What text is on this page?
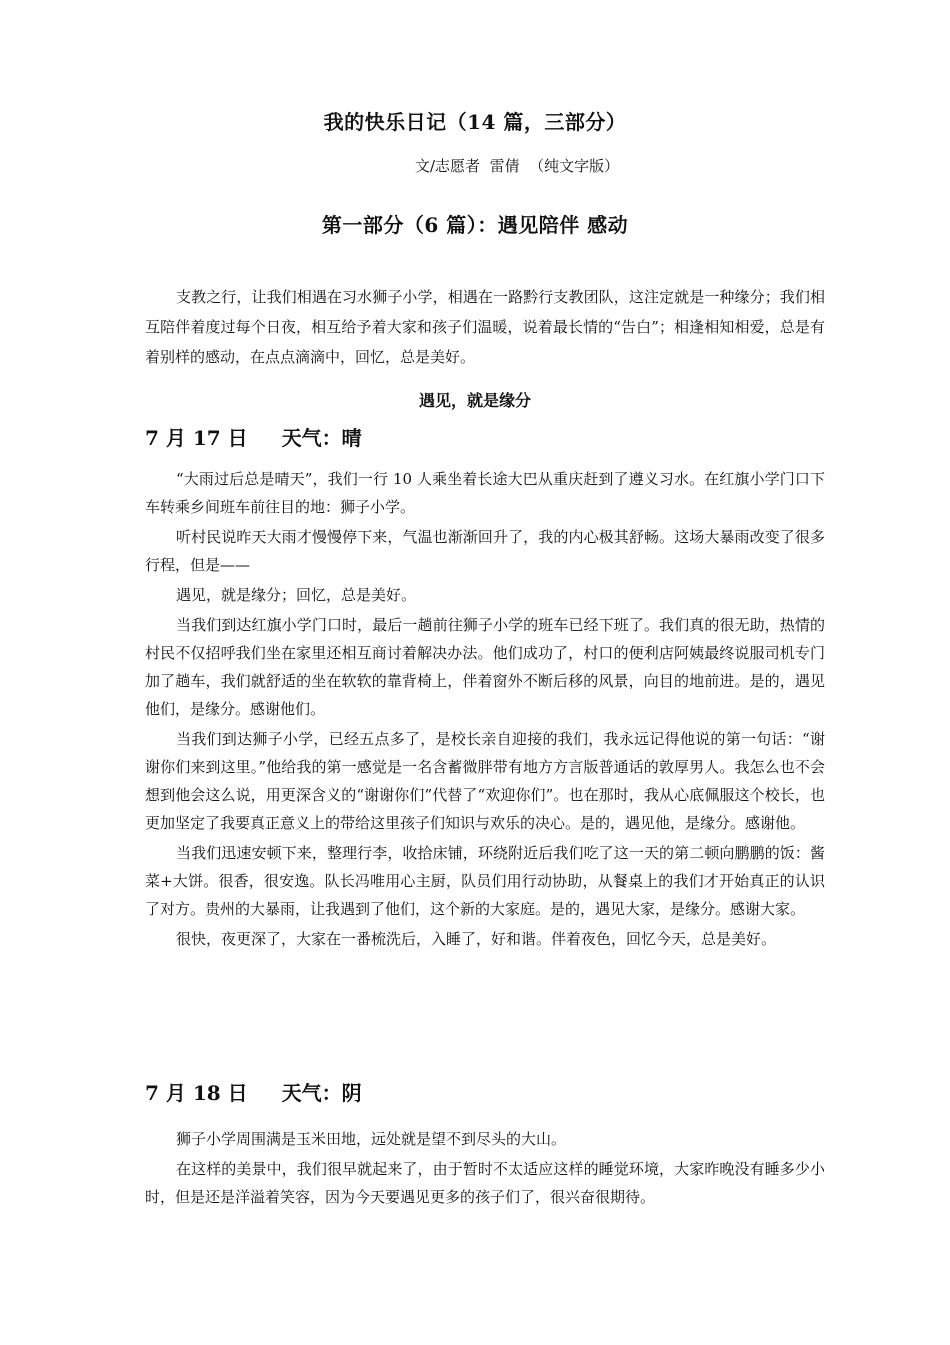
我的快乐日记（14 篇，三部分）
文/志愿者  雷倩  （纯文字版）
第一部分（6 篇）：遇见陪伴 感动

支教之行，让我们相遇在习水狮子小学，相遇在一路黔行支教团队，这注定就是一种缘分；我们相互陪伴着度过每个日夜，相互给予着大家和孩子们温暖，说着最长情的“告白”；相逢相知相爱，总是有着别样的感动，在点点滴滴中，回忆，总是美好。

遇见，就是缘分
7 月 17 日 天气：晴

“大雨过后总是晴天”，我们一行 10 人乘坐着长途大巴从重庆赶到了遵义习水。在红旗小学门口下车转乘乡间班车前往目的地：狮子小学。

听村民说昨天大雨才慢慢停下来，气温也渐渐回升了，我的内心极其舒畅。这场大暴雨改变了很多行程，但是——

遇见，就是缘分；回忆，总是美好。

当我们到达红旗小学门口时，最后一趟前往狮子小学的班车已经下班了。我们真的很无助，热情的村民不仅招呼我们坐在家里还相互商讨着解决办法。他们成功了，村口的便利店阿姨最终说服司机专门加了趟车，我们就舒适的坐在软软的靠背椅上，伴着窗外不断后移的风景，向目的地前进。是的，遇见他们，是缘分。感谢他们。

当我们到达狮子小学，已经五点多了，是校长亲自迎接的我们，我永远记得他说的第一句话：“谢谢你们来到这里。”他给我的第一感觉是一名含蓄微胖带有地方方言版普通话的敦厚男人。我怎么也不会想到他会这么说，用更深含义的“谢谢你们”代替了“欢迎你们”。也在那时，我从心底佩服这个校长，也更加坚定了我要真正意义上的带给这里孩子们知识与欢乐的决心。是的，遇见他，是缘分。感谢他。

当我们迅速安顿下来，整理行李，收拾床铺，环绕附近后我们吃了这一天的第二顿向鹏鹏的饭：酱菜+大饼。很香，很安逸。队长冯唯用心主厨，队员们用行动协助，从餐桌上的我们才开始真正的认识了对方。贵州的大暴雨，让我遇到了他们，这个新的大家庭。是的，遇见大家，是缘分。感谢大家。

很快，夜更深了，大家在一番梳洗后，入睡了，好和谐。伴着夜色，回忆今天，总是美好。

7 月 18 日 天气：阴

狮子小学周围满是玉米田地，远处就是望不到尽头的大山。

在这样的美景中，我们很早就起来了，由于暂时不太适应这样的睡觉环境，大家昨晚没有睡多少小时，但是还是洋溢着笑容，因为今天要遇见更多的孩子们了，很兴奋很期待。
